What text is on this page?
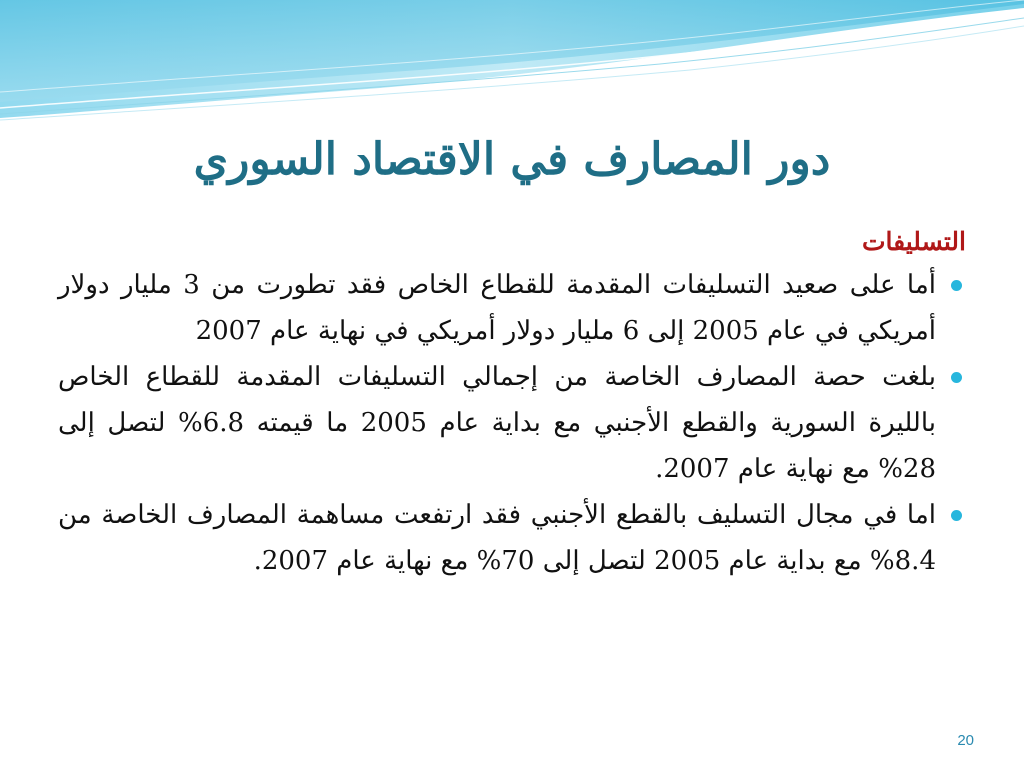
دور المصارف في الاقتصاد السوري
التسليفات
أما على صعيد التسليفات المقدمة للقطاع الخاص فقد تطورت من 3 مليار دولار أمريكي في عام 2005 إلى 6 مليار دولار أمريكي في نهاية عام 2007
بلغت حصة المصارف الخاصة من إجمالي التسليفات المقدمة للقطاع الخاص بالليرة السورية والقطع الأجنبي مع بداية عام 2005 ما قيمته 6.8% لتصل إلى 28% مع نهاية عام 2007.
اما في مجال التسليف بالقطع الأجنبي فقد ارتفعت مساهمة المصارف الخاصة من 8.4% مع بداية عام 2005 لتصل إلى 70% مع نهاية عام 2007.
20
